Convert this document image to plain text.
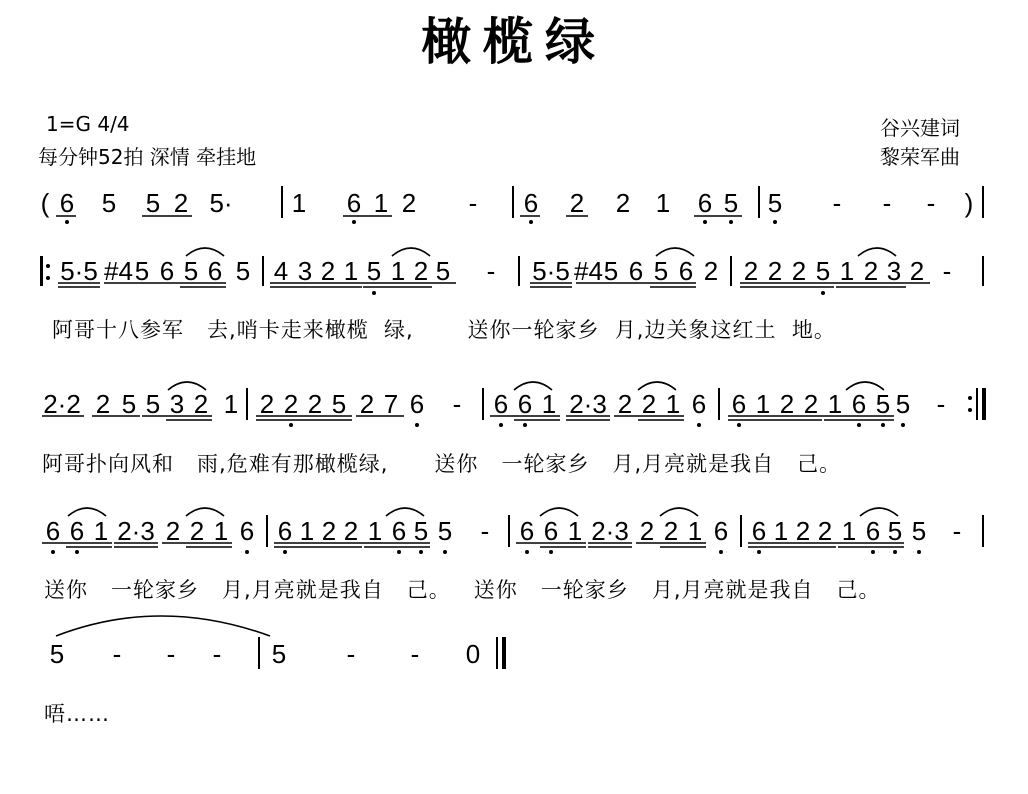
橄榄绿
1=G 4/4
每分钟52拍 深情 牵挂地
谷兴建词
黎荣军曲
( 6 5 5 2 5· 1 6 1 2 - 6 2 2 1 6 5 5 - - - )
5·5 #4 5 6 5 6 5 4 3 2 1 5 1 2 5 - 5·5 #4 5 6 5 6 2 2 2 2 5 1 2 3 2 -
阿哥十八参军   去,哨卡走来橄榄  绿,       送你一轮家乡  月,边关象这红土  地。
2·2 2 5 5 3 2 1 2 2 2 5 2 7 6 - 6 6 1 2·3 2 2 1 6 6 1 2 2 1 6 5 5 -
阿哥扑向风和   雨,危难有那橄榄绿,      送你   一轮家乡   月,月亮就是我自   己。
6 6 1 2·3 2 2 1 6 6 1 2 2 1 6 5 5 - 6 6 1 2·3 2 2 1 6 6 1 2 2 1 6 5 5 -
送你   一轮家乡   月,月亮就是我自   己。   送你   一轮家乡   月,月亮就是我自   己。
5 - - - 5 - - 0
唔……
